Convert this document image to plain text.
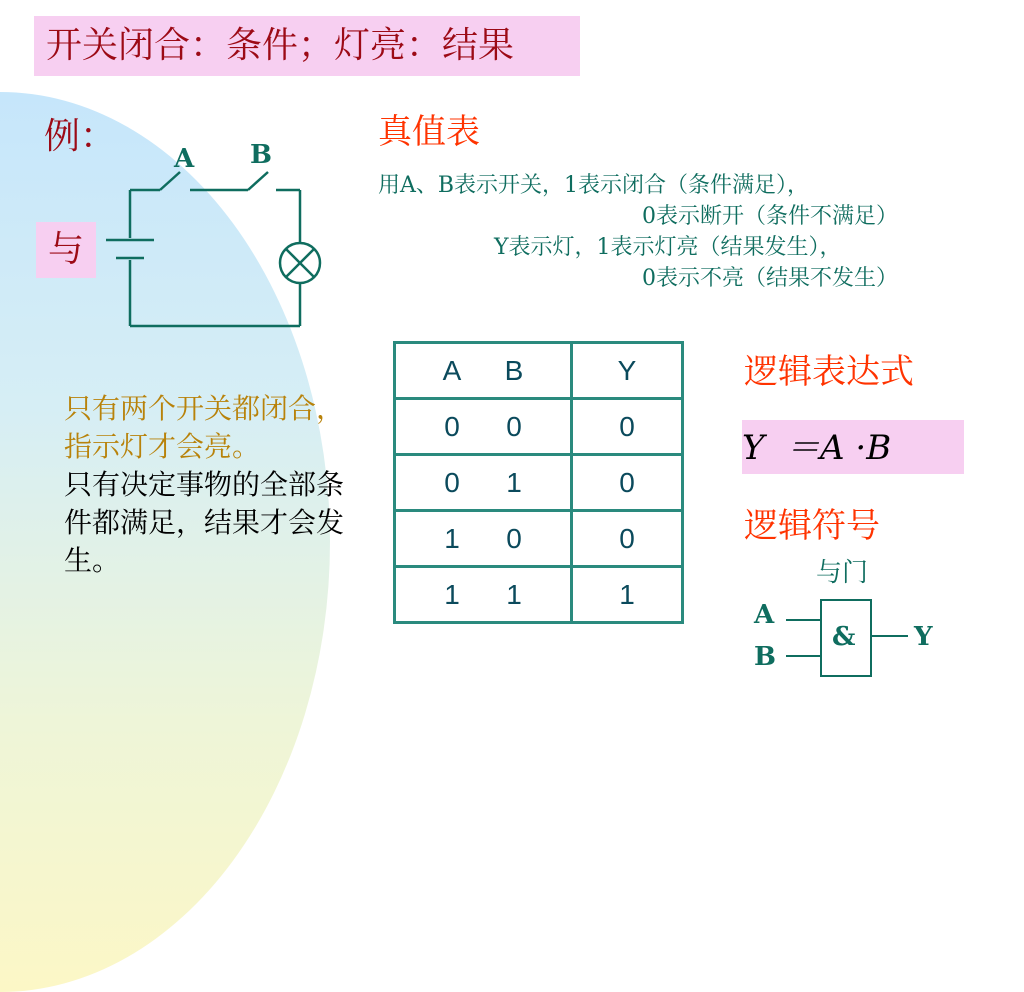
开关闭合：条件；灯亮：结果
例：
与
A B
真值表
用A、B表示开关，1表示闭合（条件满足），
0表示断开（条件不满足）
Y表示灯，1表示灯亮（结果发生），
0表示不亮（结果不发生）
A B	Y
0 0	0
0 1	0
1 0	0
1 1	1
只有两个开关都闭合，指示灯才会亮。
只有决定事物的全部条件都满足，结果才会发生。
逻辑表达式
Y  ＝A ·B
逻辑符号
与门
A
B
& Y
